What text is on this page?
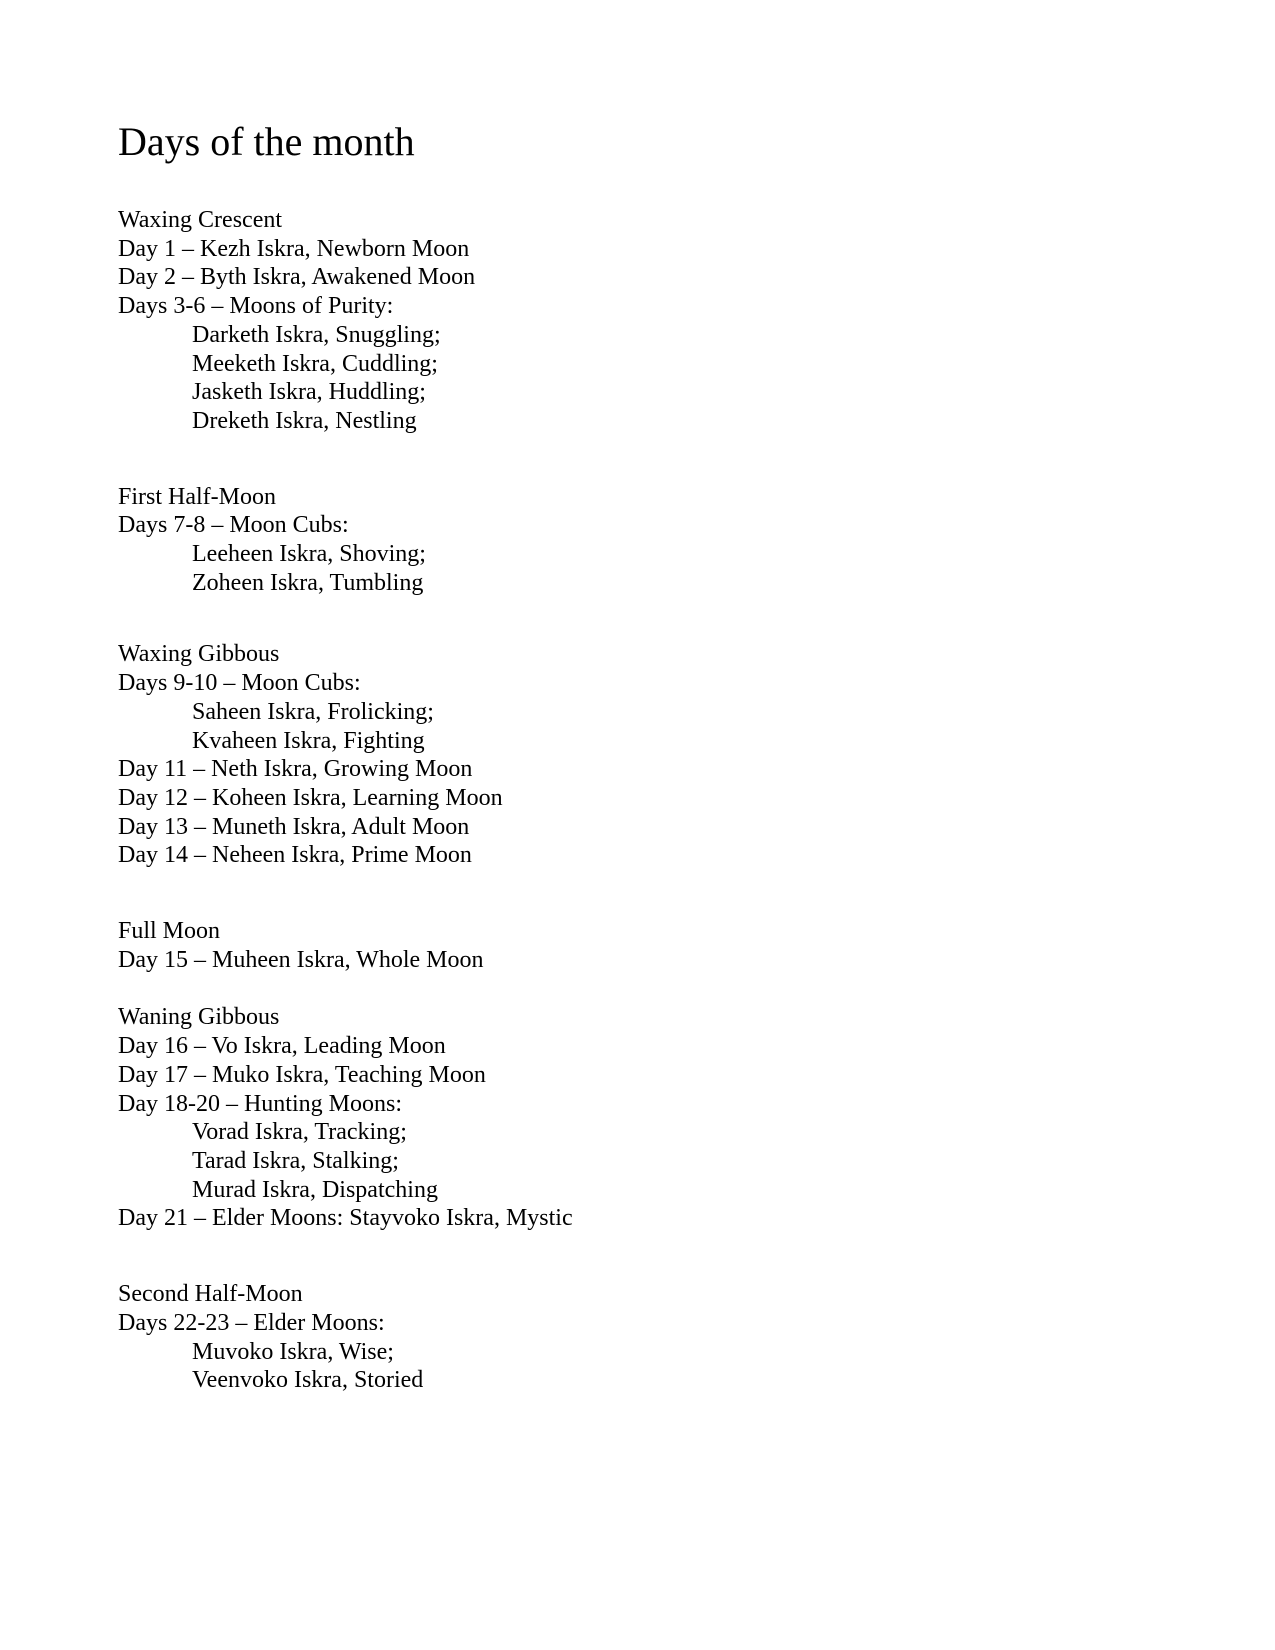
Days of the month
Waxing Crescent
Day 1 – Kezh Iskra, Newborn Moon
Day 2 – Byth Iskra, Awakened Moon
Days 3-6 – Moons of Purity:
Darketh Iskra, Snuggling;
Meeketh Iskra, Cuddling;
Jasketh Iskra, Huddling;
Dreketh Iskra, Nestling
First Half-Moon
Days 7-8 – Moon Cubs:
Leeheen Iskra, Shoving;
Zoheen Iskra, Tumbling
Waxing Gibbous
Days 9-10 – Moon Cubs:
Saheen Iskra, Frolicking;
Kvaheen Iskra, Fighting
Day 11 – Neth Iskra, Growing Moon
Day 12 – Koheen Iskra, Learning Moon
Day 13 – Muneth Iskra, Adult Moon
Day 14 – Neheen Iskra, Prime Moon
Full Moon
Day 15 – Muheen Iskra, Whole Moon
Waning Gibbous
Day 16 – Vo Iskra, Leading Moon
Day 17 – Muko Iskra, Teaching Moon
Day 18-20 – Hunting Moons:
Vorad Iskra, Tracking;
Tarad Iskra, Stalking;
Murad Iskra, Dispatching
Day 21 – Elder Moons: Stayvoko Iskra, Mystic
Second Half-Moon
Days 22-23 – Elder Moons:
Muvoko Iskra, Wise;
Veenvoko Iskra, Storied
